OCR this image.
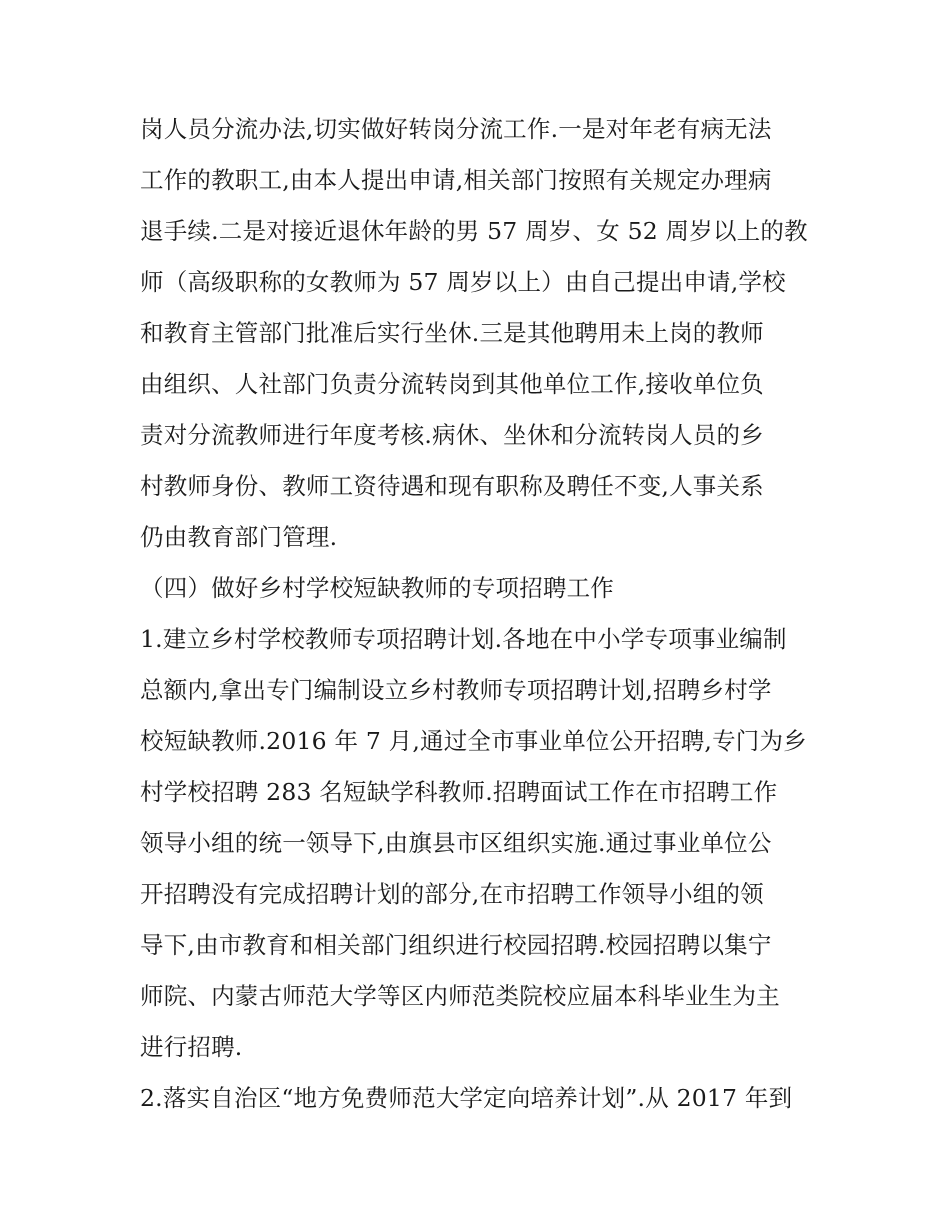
岗人员分流办法,切实做好转岗分流工作.一是对年老有病无法
工作的教职工,由本人提出申请,相关部门按照有关规定办理病
退手续.二是对接近退休年龄的男 57 周岁、女 52 周岁以上的教
师（高级职称的女教师为 57 周岁以上）由自己提出申请,学校
和教育主管部门批准后实行坐休.三是其他聘用未上岗的教师
由组织、人社部门负责分流转岗到其他单位工作,接收单位负
责对分流教师进行年度考核.病休、坐休和分流转岗人员的乡
村教师身份、教师工资待遇和现有职称及聘任不变,人事关系
仍由教育部门管理.
（四）做好乡村学校短缺教师的专项招聘工作
1.建立乡村学校教师专项招聘计划.各地在中小学专项事业编制
总额内,拿出专门编制设立乡村教师专项招聘计划,招聘乡村学
校短缺教师.2016 年 7 月,通过全市事业单位公开招聘,专门为乡
村学校招聘 283 名短缺学科教师.招聘面试工作在市招聘工作
领导小组的统一领导下,由旗县市区组织实施.通过事业单位公
开招聘没有完成招聘计划的部分,在市招聘工作领导小组的领
导下,由市教育和相关部门组织进行校园招聘.校园招聘以集宁
师院、内蒙古师范大学等区内师范类院校应届本科毕业生为主
进行招聘.
2.落实自治区“地方免费师范大学定向培养计划”.从 2017 年到
